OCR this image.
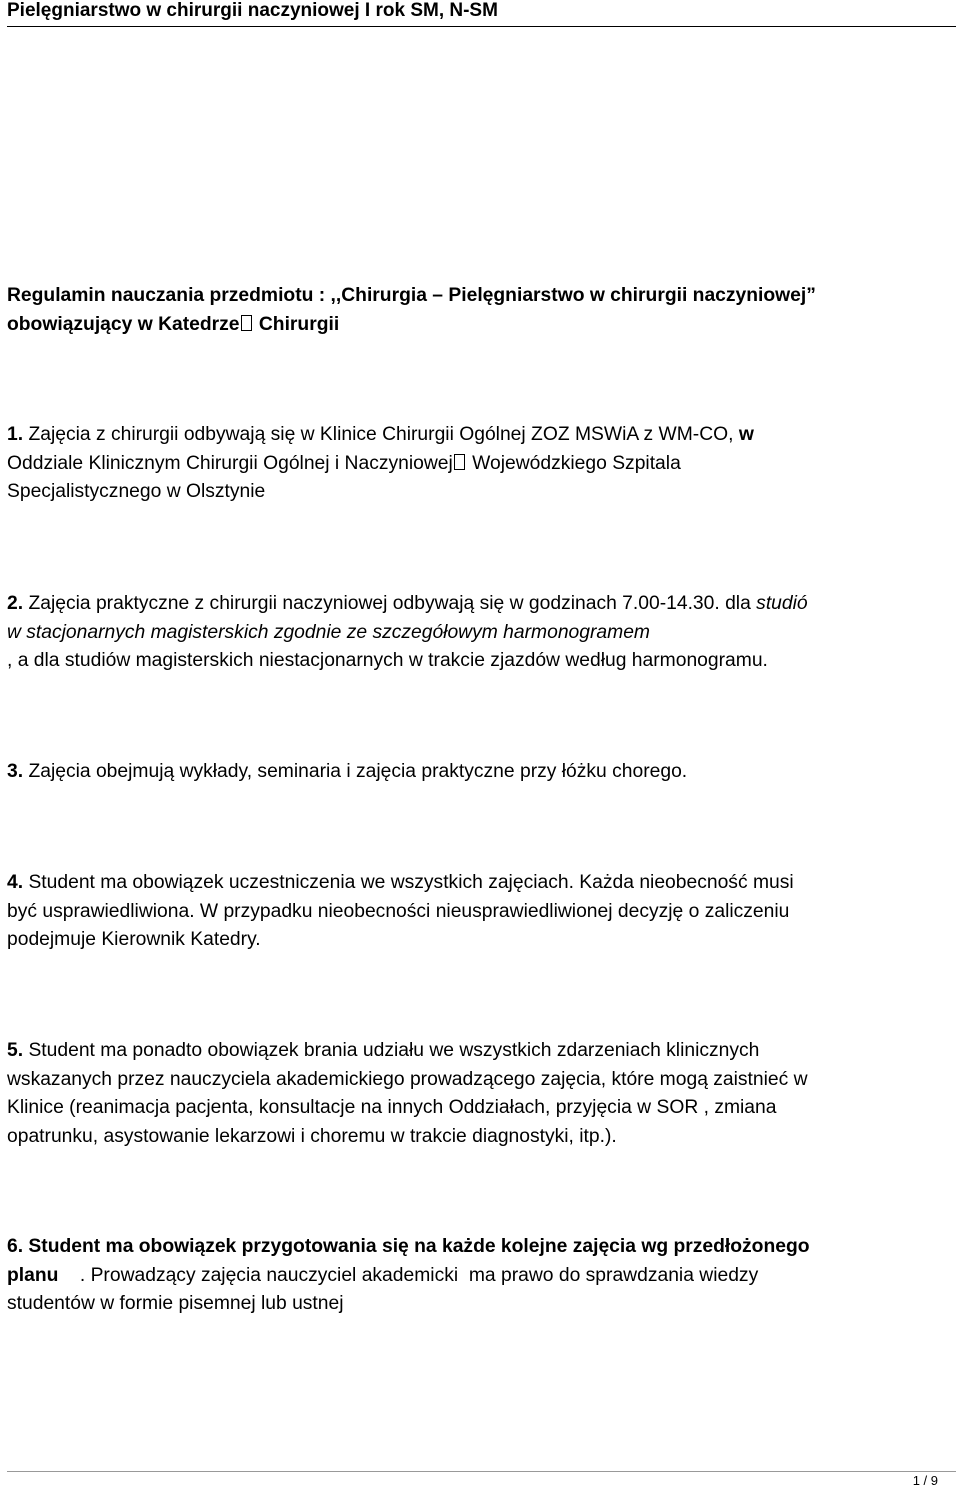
Pielęgniarstwo w chirurgii naczyniowej I rok SM, N-SM
Regulamin nauczania przedmiotu : ,,Chirurgia – Pielęgniarstwo w chirurgii naczyniowej”
obowiązujący w Katedrze Chirurgii
1. Zajęcia z chirurgii odbywają się w Klinice Chirurgii Ogólnej ZOZ MSWiA z WM-CO, w
Oddziale Klinicznym Chirurgii Ogólnej i Naczyniowej Wojewódzkiego Szpitala
Specjalistycznego w Olsztynie
2. Zajęcia praktyczne z chirurgii naczyniowej odbywają się w godzinach 7.00-14.30. dla studió
w stacjonarnych magisterskich zgodnie ze szczegółowym harmonogramem
, a dla studiów magisterskich niestacjonarnych w trakcie zjazdów według harmonogramu.
3. Zajęcia obejmują wykłady, seminaria i zajęcia praktyczne przy łóżku chorego.
4. Student ma obowiązek uczestniczenia we wszystkich zajęciach. Każda nieobecność musi
być usprawiedliwiona. W przypadku nieobecności nieusprawiedliwionej decyzję o zaliczeniu
podejmuje Kierownik Katedry.
5. Student ma ponadto obowiązek brania udziału we wszystkich zdarzeniach klinicznych
wskazanych przez nauczyciela akademickiego prowadzącego zajęcia, które mogą zaistnieć w
Klinice (reanimacja pacjenta, konsultacje na innych Oddziałach, przyjęcia w SOR , zmiana
opatrunku, asystowanie lekarzowi i choremu w trakcie diagnostyki, itp.).
6. Student ma obowiązek przygotowania się na każde kolejne zajęcia wg przedłożonego
planu    . Prowadzący zajęcia nauczyciel akademicki  ma prawo do sprawdzania wiedzy
studentów w formie pisemnej lub ustnej
1 / 9
